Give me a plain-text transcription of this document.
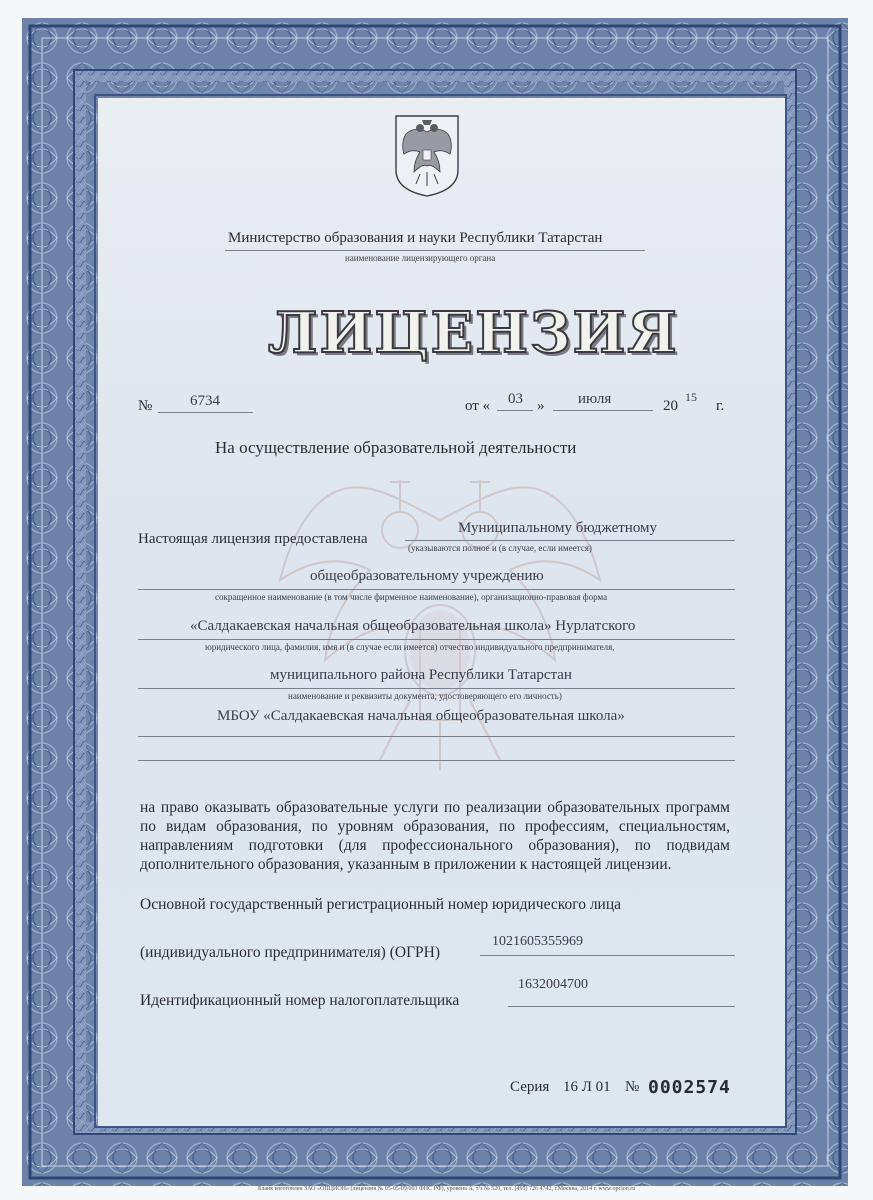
Министерство образования и науки Республики Татарстан
наименование лицензирующего органа
ЛИЦЕНЗИЯ
№	6734	от « 03 » июля	20
15
г.
На осуществление образовательной деятельности
Настоящая лицензия предоставлена
Муниципальному бюджетному
(указываются полное и (в случае, если имеется)
общеобразовательному учреждению
сокращенное наименование (в том числе фирменное наименование), организационно-правовая форма
«Салдакаевская начальная общеобразовательная школа» Нурлатского
юридического лица, фамилия, имя и (в случае если имеется) отчество индивидуального предпринимателя,
муниципального района Республики Татарстан
наименование и реквизиты документа, удостоверяющего его личность)
МБОУ «Салдакаевская начальная общеобразовательная школа»
на право оказывать образовательные услуги по реализации образовательных программ по видам образования, по уровням образования, по профессиям, специальностям, направлениям подготовки (для профессионального образования), по подвидам дополнительного образования, указанным в приложении к настоящей лицензии.
Основной государственный регистрационный номер юридического лица
(индивидуального предпринимателя) (ОГРН)
1021605355969
Идентификационный номер налогоплательщика
1632004700
Серия 16 Л 01 № 0002574
Бланк изготовлен ЗАО «ОПЦИОН» (лицензия № 05-05-09/003 ФНС РФ), уровень А, т/з № 520, тел. (495) 726 4742, г.Москва, 2014 г. www.opcion.ru
